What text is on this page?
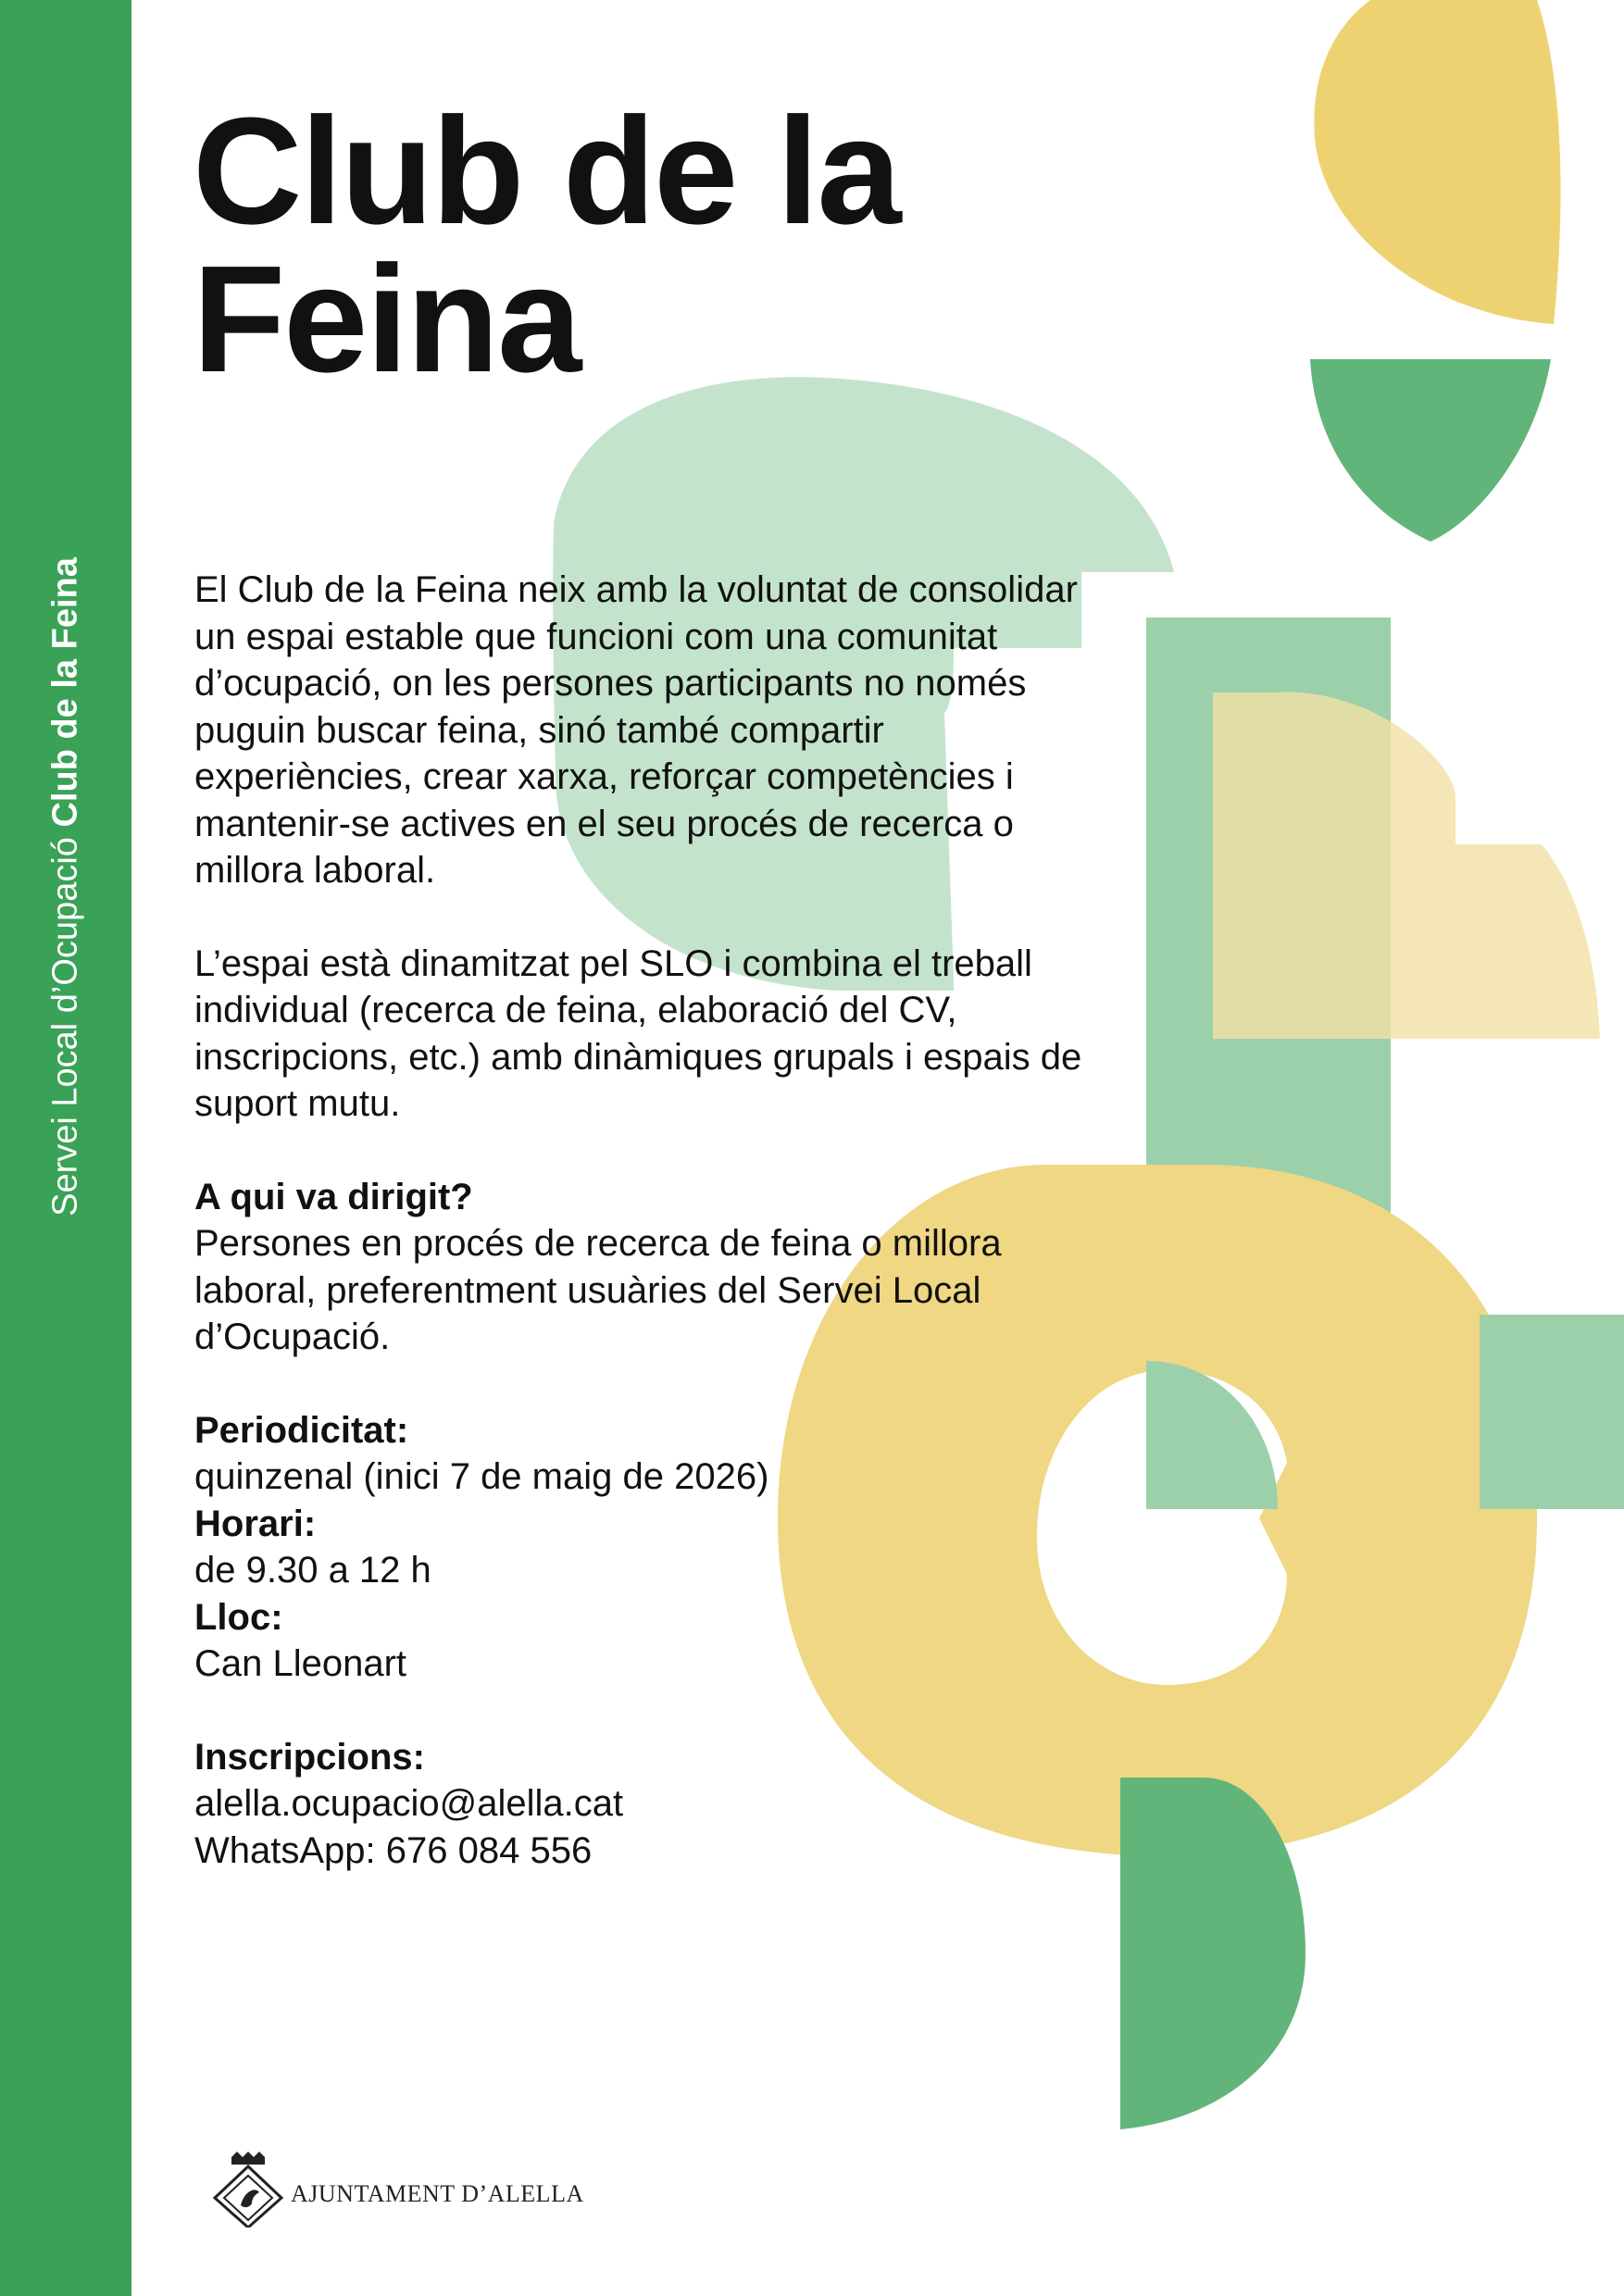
Servei Local d’Ocupació Club de la Feina
Club de la
Feina

El Club de la Feina neix amb la voluntat de consolidar un espai estable que funcioni com una comunitat d’ocupació, on les persones participants no només puguin buscar feina, sinó també compartir experiències, crear xarxa, reforçar competències i mantenir-se actives en el seu procés de recerca o millora laboral.

L’espai està dinamitzat pel SLO i combina el treball individual (recerca de feina, elaboració del CV, inscripcions, etc.) amb dinàmiques grupals i espais de suport mutu.

A qui va dirigit?

Persones en procés de recerca de feina o millora laboral, preferentment usuàries del Servei Local d’Ocupació.

Periodicitat:

quinzenal (inici 7 de maig de 2026)

Horari:

de 9.30 a 12 h

Lloc:

Can Lleonart

Inscripcions:

alella.ocupacio@alella.cat

WhatsApp: 676 084 556

AJUNTAMENT D’ALELLA
